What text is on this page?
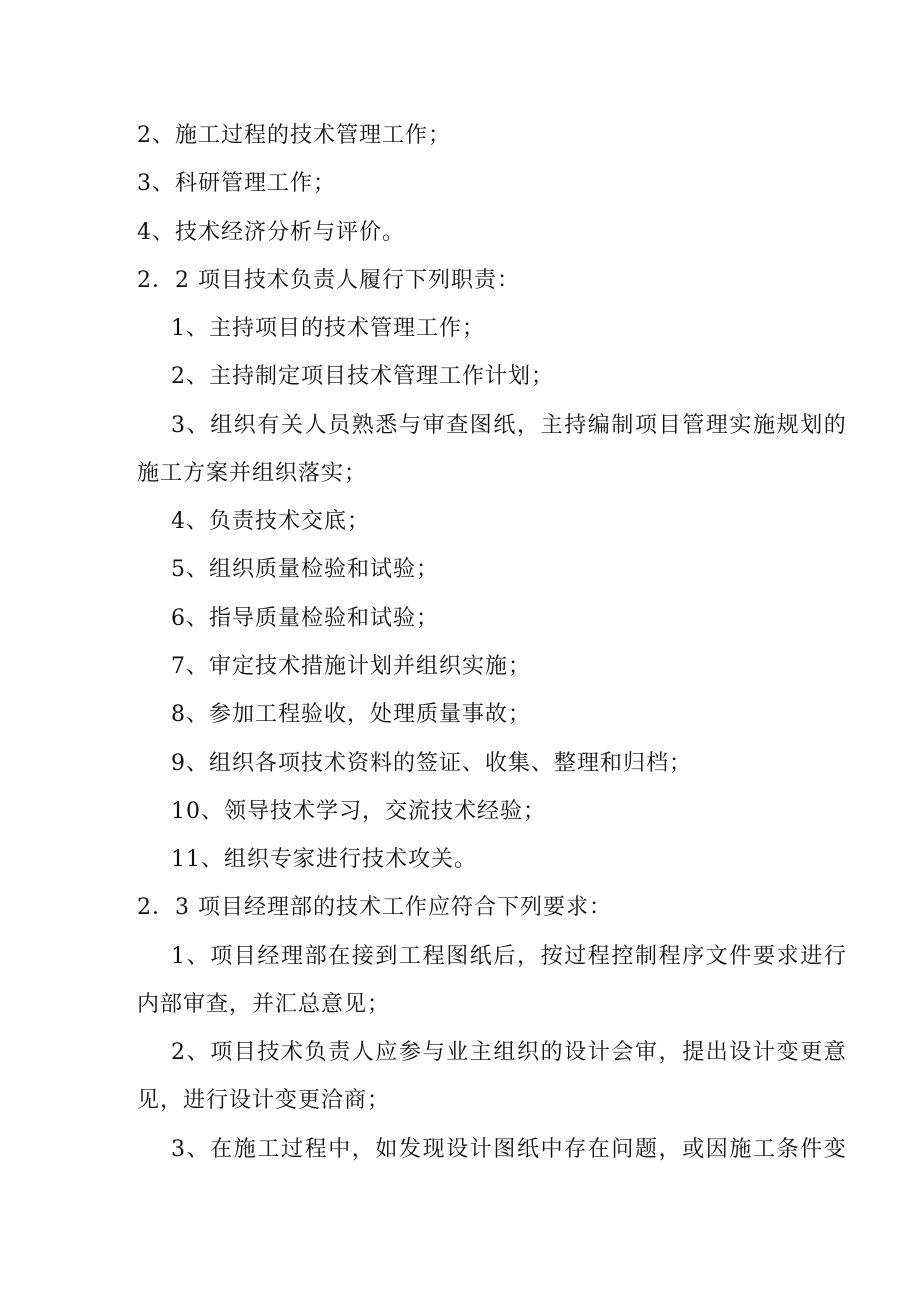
2、施工过程的技术管理工作；
3、科研管理工作；
4、技术经济分析与评价。
2．2 项目技术负责人履行下列职责：
1、主持项目的技术管理工作；
2、主持制定项目技术管理工作计划；
3、组织有关人员熟悉与审查图纸，主持编制项目管理实施规划的
施工方案并组织落实；
4、负责技术交底；
5、组织质量检验和试验；
6、指导质量检验和试验；
7、审定技术措施计划并组织实施；
8、参加工程验收，处理质量事故；
9、组织各项技术资料的签证、收集、整理和归档；
10、领导技术学习，交流技术经验；
11、组织专家进行技术攻关。
2．3 项目经理部的技术工作应符合下列要求：
1、项目经理部在接到工程图纸后，按过程控制程序文件要求进行
内部审查，并汇总意见；
2、项目技术负责人应参与业主组织的设计会审，提出设计变更意
见，进行设计变更洽商；
3、在施工过程中，如发现设计图纸中存在问题，或因施工条件变
